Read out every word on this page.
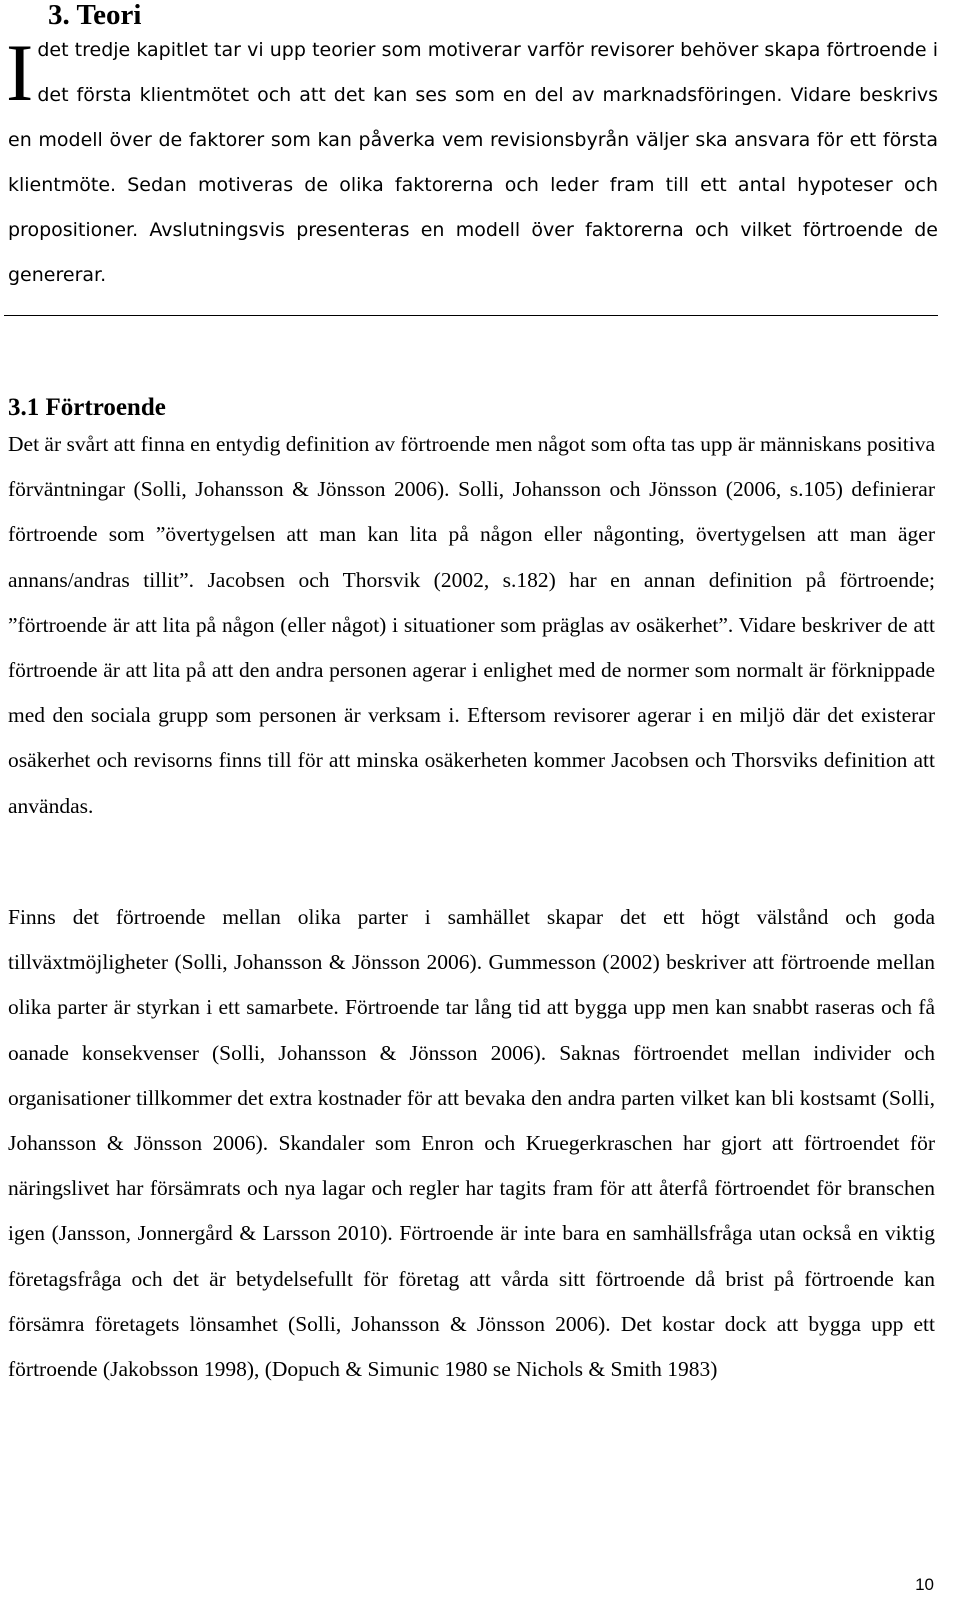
3. Teori

Idet tredje kapitlet tar vi upp teorier som motiverar varför revisorer behöver skapa förtroende i det första klientmötet och att det kan ses som en del av marknadsföringen. Vidare beskrivs en modell över de faktorer som kan påverka vem revisionsbyrån väljer ska ansvara för ett första klientmöte. Sedan motiveras de olika faktorerna och leder fram till ett antal hypoteser och propositioner. Avslutningsvis presenteras en modell över faktorerna och vilket förtroende de genererar.

3.1 Förtroende

Det är svårt att finna en entydig definition av förtroende men något som ofta tas upp är människans positiva förväntningar (Solli, Johansson & Jönsson 2006). Solli, Johansson och Jönsson (2006, s.105) definierar förtroende som ”övertygelsen att man kan lita på någon eller någonting, övertygelsen att man äger annans/andras tillit”. Jacobsen och Thorsvik (2002, s.182) har en annan definition på förtroende; ”förtroende är att lita på någon (eller något) i situationer som präglas av osäkerhet”. Vidare beskriver de att förtroende är att lita på att den andra personen agerar i enlighet med de normer som normalt är förknippade med den sociala grupp som personen är verksam i. Eftersom revisorer agerar i en miljö där det existerar osäkerhet och revisorns finns till för att minska osäkerheten kommer Jacobsen och Thorsviks definition att användas.

Finns det förtroende mellan olika parter i samhället skapar det ett högt välstånd och goda tillväxtmöjligheter (Solli, Johansson & Jönsson 2006). Gummesson (2002) beskriver att förtroende mellan olika parter är styrkan i ett samarbete. Förtroende tar lång tid att bygga upp men kan snabbt raseras och få oanade konsekvenser (Solli, Johansson & Jönsson 2006). Saknas förtroendet mellan individer och organisationer tillkommer det extra kostnader för att bevaka den andra parten vilket kan bli kostsamt (Solli, Johansson & Jönsson 2006). Skandaler som Enron och Kruegerkraschen har gjort att förtroendet för näringslivet har försämrats och nya lagar och regler har tagits fram för att återfå förtroendet för branschen igen (Jansson, Jonnergård & Larsson 2010). Förtroende är inte bara en samhällsfråga utan också en viktig företagsfråga och det är betydelsefullt för företag att vårda sitt förtroende då brist på förtroende kan försämra företagets lönsamhet (Solli, Johansson & Jönsson 2006). Det kostar dock att bygga upp ett förtroende (Jakobsson 1998), (Dopuch & Simunic 1980 se Nichols & Smith 1983)

10
